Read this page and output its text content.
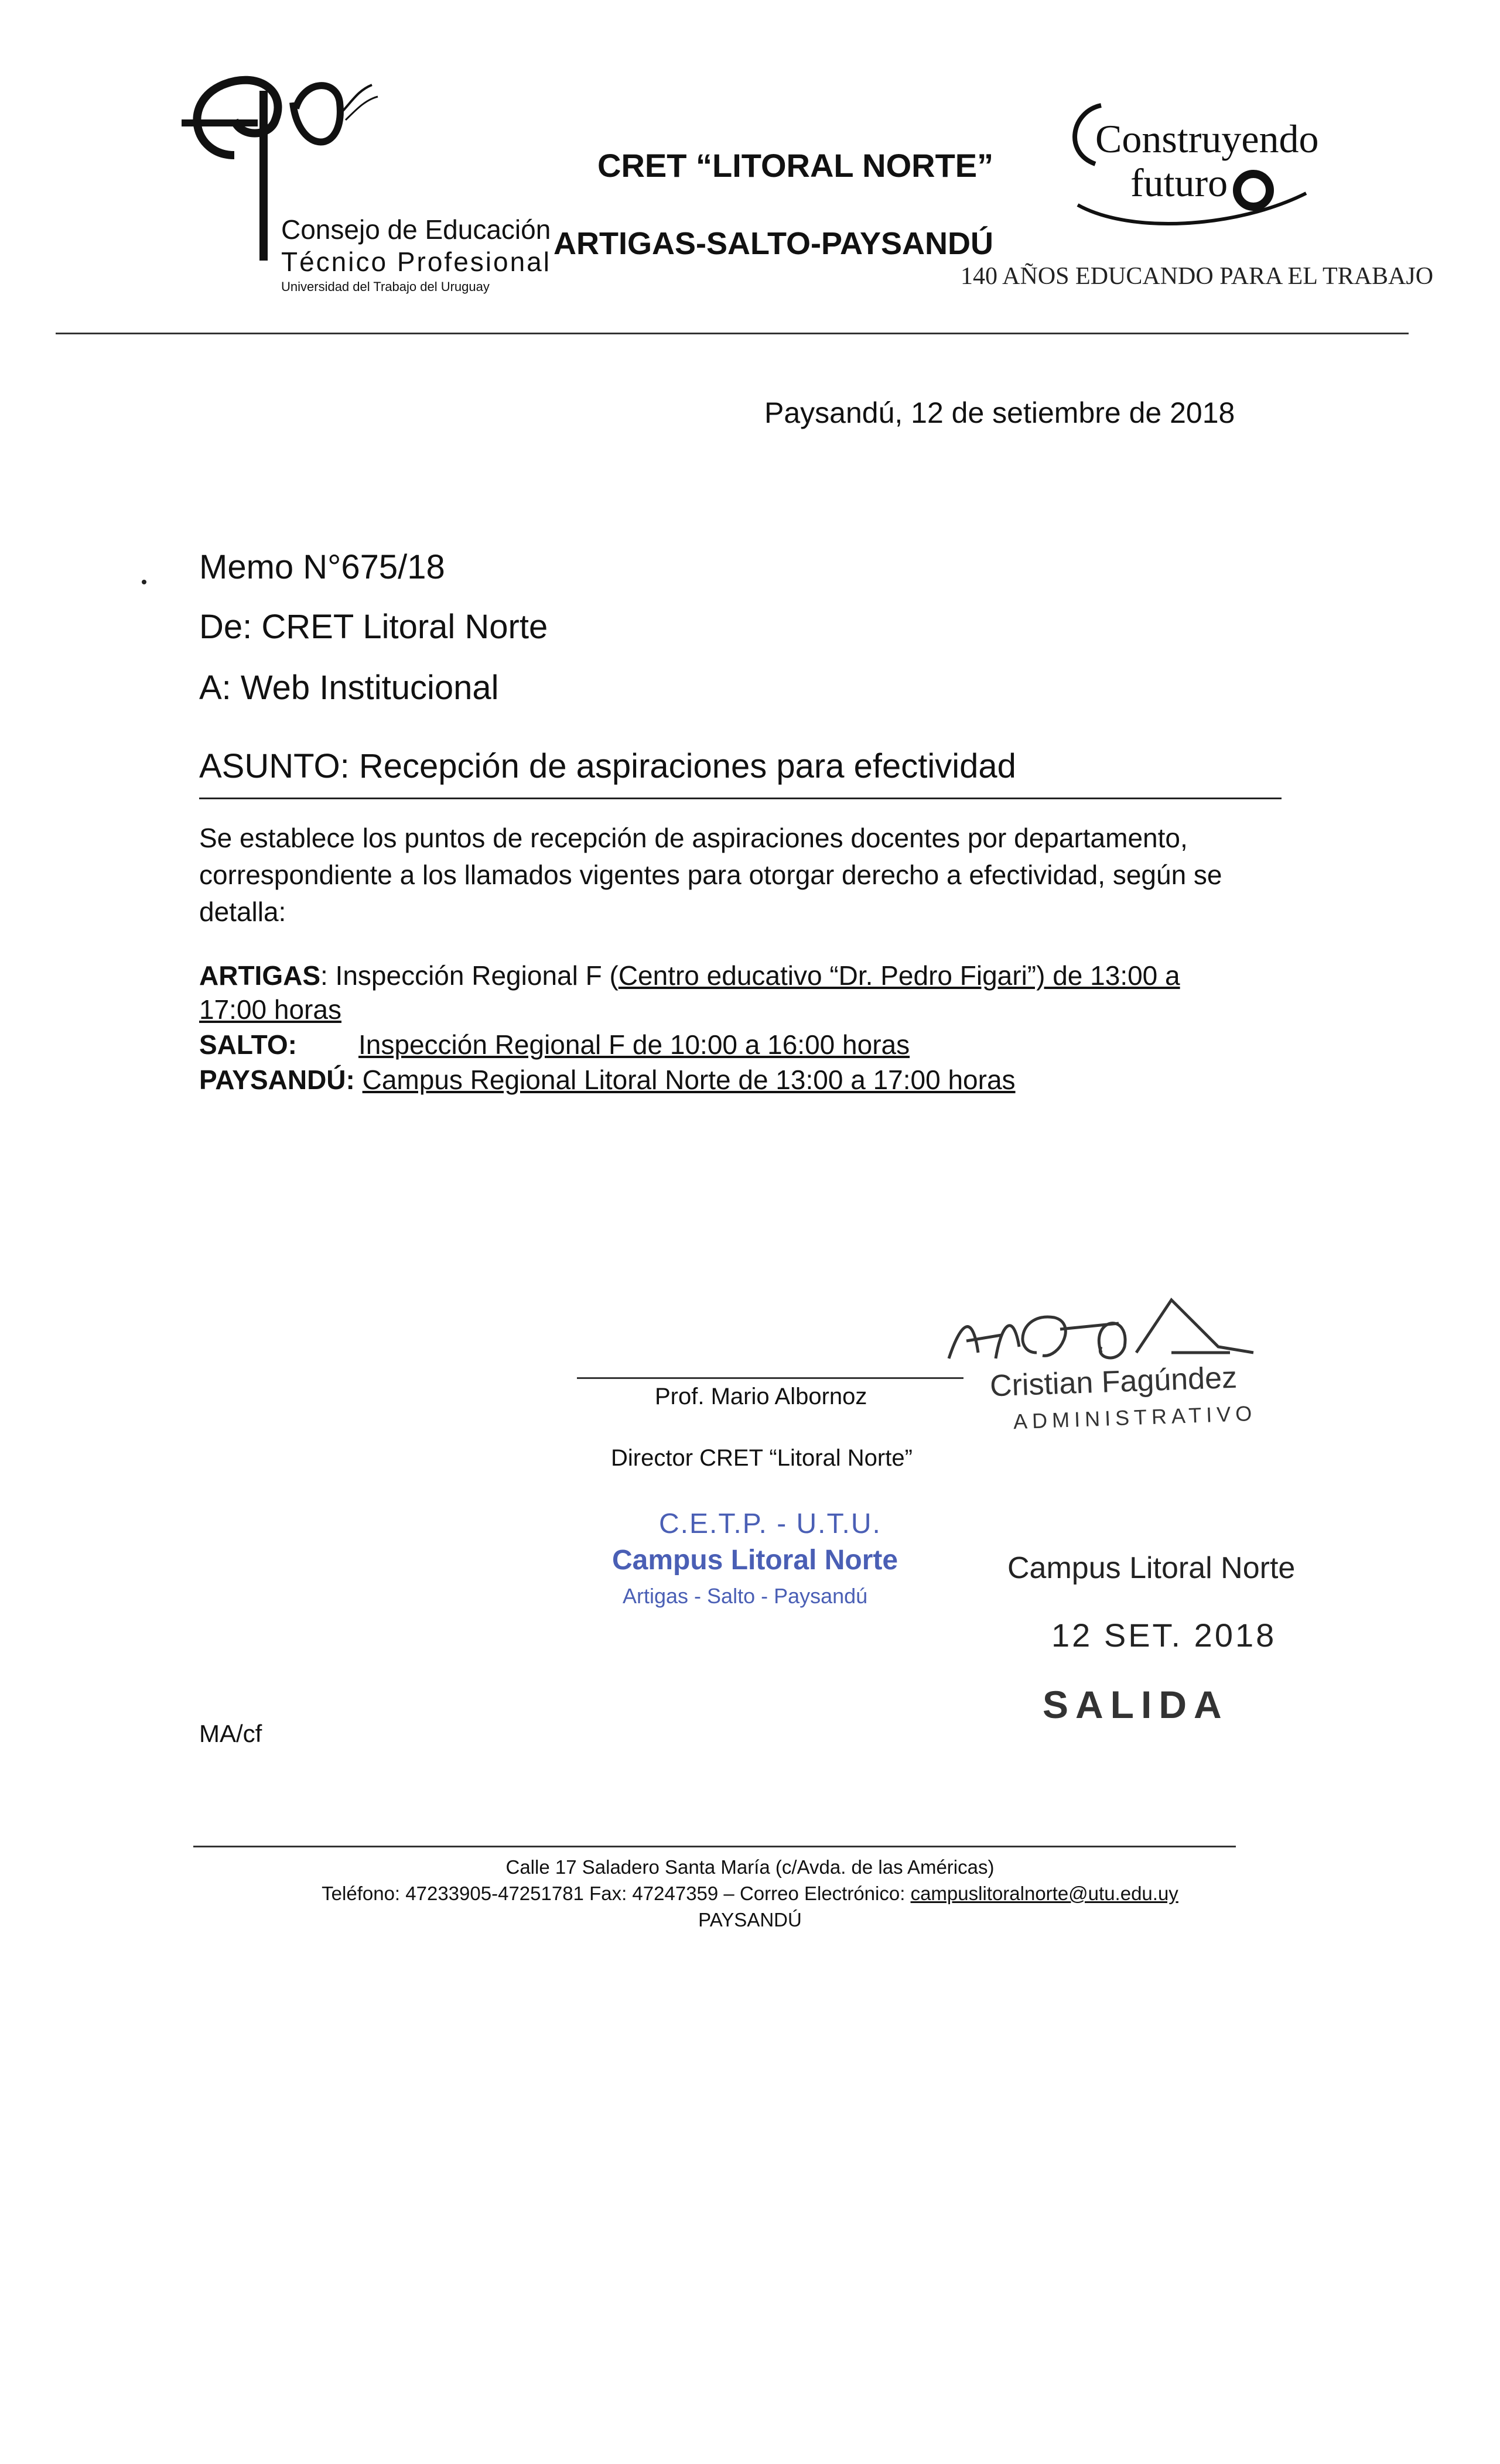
Consejo de Educación
Técnico Profesional
Universidad del Trabajo del Uruguay
CRET “LITORAL NORTE”
ARTIGAS-SALTO-PAYSANDÚ
Construyendo
futuro
140 AÑOS EDUCANDO PARA EL TRABAJO
Paysandú, 12 de setiembre de 2018
Memo N°675/18
De: CRET Litoral Norte
A: Web Institucional
ASUNTO: Recepción de aspiraciones para efectividad
Se establece los puntos de recepción de aspiraciones docentes por departamento, correspondiente a los llamados vigentes para otorgar derecho a efectividad, según se detalla:
ARTIGAS: Inspección Regional F (Centro educativo “Dr. Pedro Figari”) de 13:00 a
17:00 horas
SALTO: Inspección Regional F de 10:00 a 16:00 horas
PAYSANDÚ: Campus Regional Litoral Norte de 13:00 a 17:00 horas
Prof. Mario Albornoz
Director CRET “Litoral Norte”
Cristian Fagúndez
ADMINISTRATIVO
C.E.T.P. - U.T.U.
Campus Litoral Norte
Artigas - Salto - Paysandú
Campus Litoral Norte
12 SET. 2018
SALIDA
MA/cf
Calle 17 Saladero Santa María (c/Avda. de las Américas)
Teléfono: 47233905-47251781 Fax: 47247359 – Correo Electrónico: campuslitoralnorte@utu.edu.uy
PAYSANDÚ
